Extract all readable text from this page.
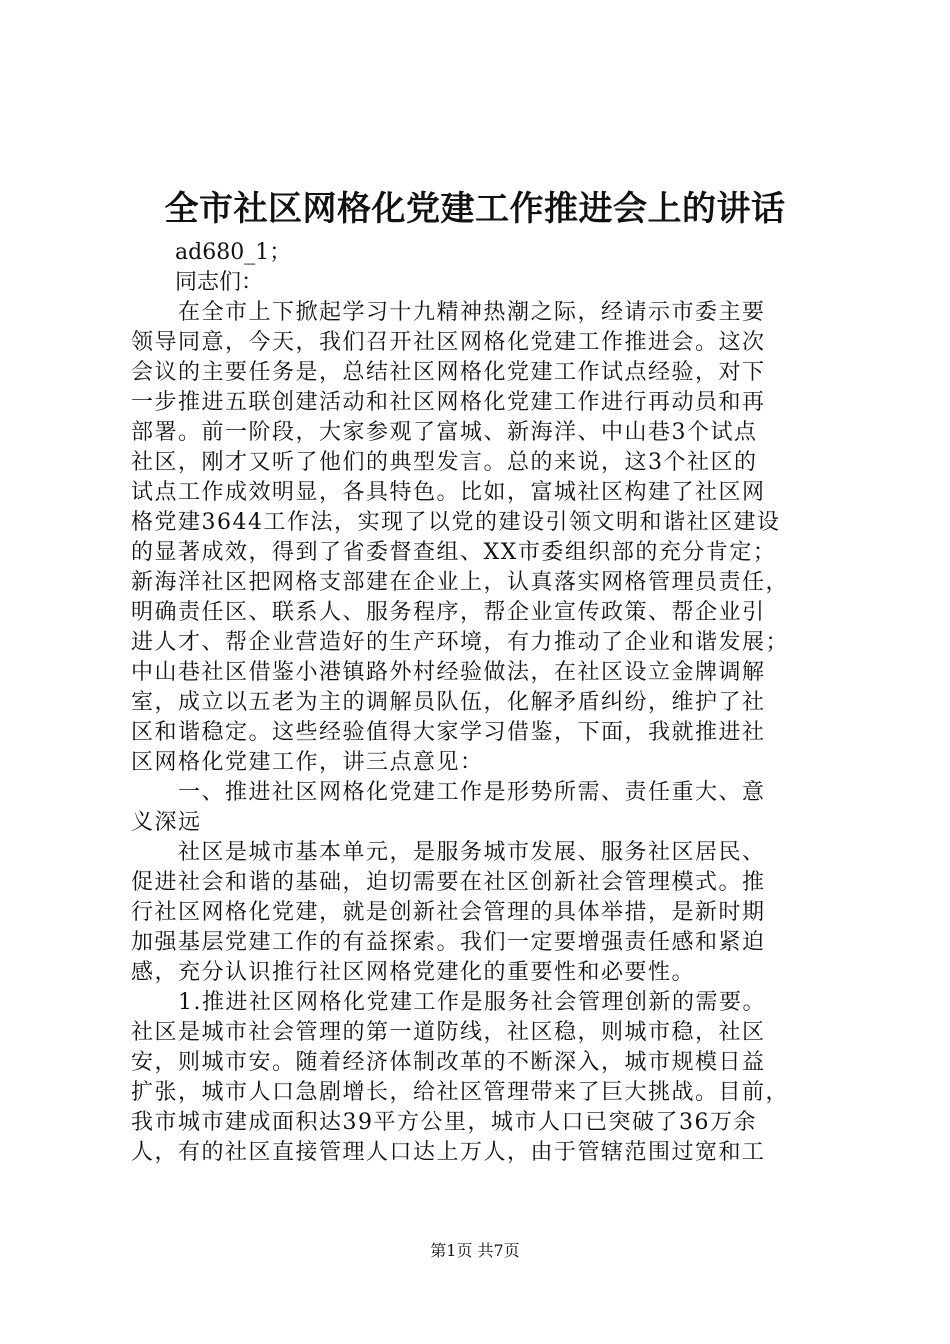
全市社区网格化党建工作推进会上的讲话
　　ad680_1；
　　同志们：
　　在全市上下掀起学习十九精神热潮之际，经请示市委主要
领导同意，今天，我们召开社区网格化党建工作推进会。这次
会议的主要任务是，总结社区网格化党建工作试点经验，对下
一步推进五联创建活动和社区网格化党建工作进行再动员和再
部署。前一阶段，大家参观了富城、新海洋、中山巷3个试点
社区，刚才又听了他们的典型发言。总的来说，这3个社区的
试点工作成效明显，各具特色。比如，富城社区构建了社区网
格党建3644工作法，实现了以党的建设引领文明和谐社区建设
的显著成效，得到了省委督查组、XX市委组织部的充分肯定；
新海洋社区把网格支部建在企业上，认真落实网格管理员责任，
明确责任区、联系人、服务程序，帮企业宣传政策、帮企业引
进人才、帮企业营造好的生产环境，有力推动了企业和谐发展；
中山巷社区借鉴小港镇路外村经验做法，在社区设立金牌调解
室，成立以五老为主的调解员队伍，化解矛盾纠纷，维护了社
区和谐稳定。这些经验值得大家学习借鉴，下面，我就推进社
区网格化党建工作，讲三点意见：
　　一、推进社区网格化党建工作是形势所需、责任重大、意
义深远
　　社区是城市基本单元，是服务城市发展、服务社区居民、
促进社会和谐的基础，迫切需要在社区创新社会管理模式。推
行社区网格化党建，就是创新社会管理的具体举措，是新时期
加强基层党建工作的有益探索。我们一定要增强责任感和紧迫
感，充分认识推行社区网格党建化的重要性和必要性。
　　1.推进社区网格化党建工作是服务社会管理创新的需要。
社区是城市社会管理的第一道防线，社区稳，则城市稳，社区
安，则城市安。随着经济体制改革的不断深入，城市规模日益
扩张，城市人口急剧增长，给社区管理带来了巨大挑战。目前，
我市城市建成面积达39平方公里，城市人口已突破了36万余
人，有的社区直接管理人口达上万人，由于管辖范围过宽和工
第1页 共7页
